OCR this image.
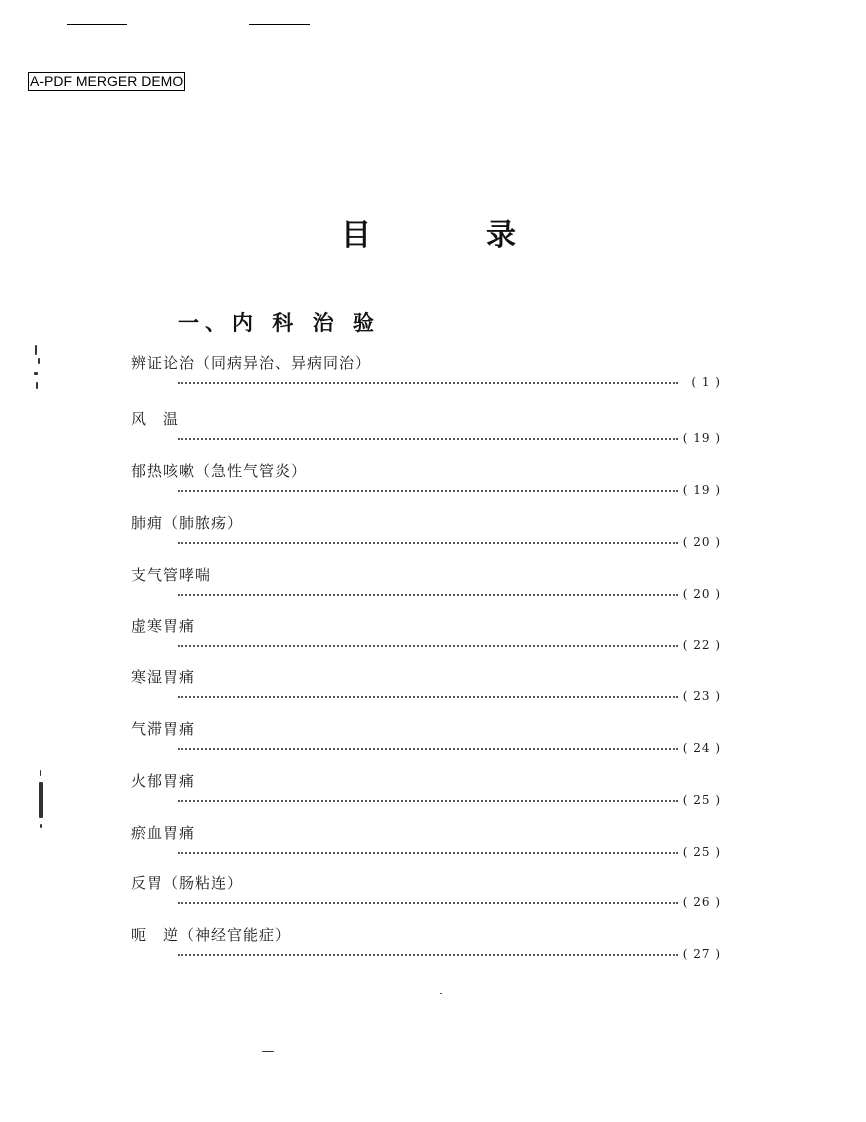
A-PDF MERGER DEMO
目	录
一、内 科 治 验
辨证论治（同病异治、异病同治）
( 1 )
风　温
( 19 )
郁热咳嗽（急性气管炎）
( 19 )
肺痈（肺脓疡）
( 20 )
支气管哮喘
( 20 )
虚寒胃痛
( 22 )
寒湿胃痛
( 23 )
气滞胃痛
( 24 )
火郁胃痛
( 25 )
瘀血胃痛
( 25 )
反胃（肠粘连）
( 26 )
呃　逆（神经官能症）
( 27 )
